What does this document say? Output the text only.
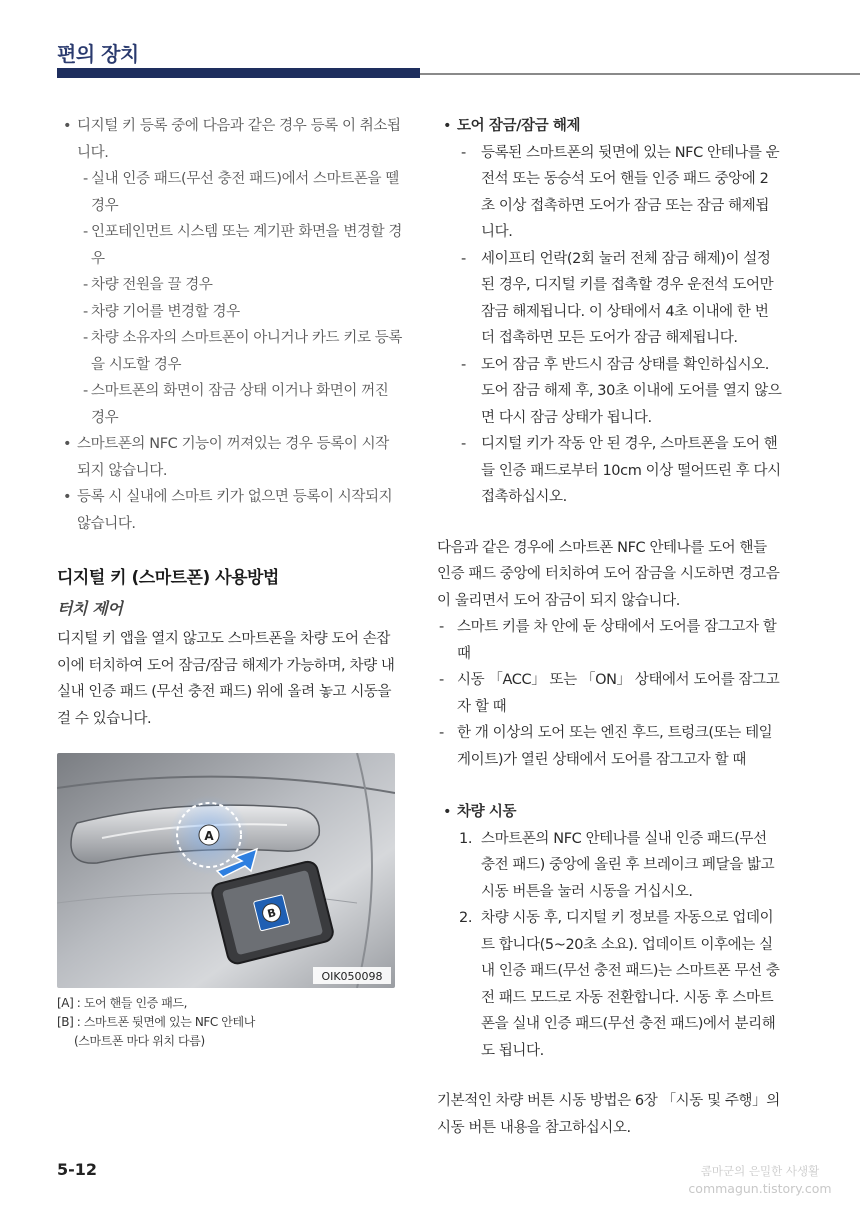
편의 장치
• 디지털 키 등록 중에 다음과 같은 경우 등록 이 취소됩니다.
- 실내 인증 패드(무선 충전 패드)에서 스마트폰을 뗄 경우
- 인포테인먼트 시스템 또는 계기판 화면을 변경할 경우
- 차량 전원을 끌 경우
- 차량 기어를 변경할 경우
- 차량 소유자의 스마트폰이 아니거나 카드 키로 등록을 시도할 경우
- 스마트폰의 화면이 잠금 상태 이거나 화면이 꺼진 경우
• 스마트폰의 NFC 기능이 꺼져있는 경우 등록이 시작되지 않습니다.
• 등록 시 실내에 스마트 키가 없으면 등록이 시작되지 않습니다.
디지털 키 (스마트폰) 사용방법
터치 제어
디지털 키 앱을 열지 않고도 스마트폰을 차량 도어 손잡이에 터치하여 도어 잠금/잠금 해제가 가능하며, 차량 내 실내 인증 패드 (무선 충전 패드) 위에 올려 놓고 시동을 걸 수 있습니다.
A
B
OIK050098
[A] : 도어 핸들 인증 패드,
[B] : 스마트폰 뒷면에 있는 NFC 안테나
(스마트폰 마다 위치 다름)
• 도어 잠금/잠금 해제
- 등록된 스마트폰의 뒷면에 있는 NFC 안테나를 운전석 또는 동승석 도어 핸들 인증 패드 중앙에 2초 이상 접촉하면 도어가 잠금 또는 잠금 해제됩니다.
- 세이프티 언락(2회 눌러 전체 잠금 해제)이 설정된 경우, 디지털 키를 접촉할 경우 운전석 도어만 잠금 해제됩니다. 이 상태에서 4초 이내에 한 번 더 접촉하면 모든 도어가 잠금 해제됩니다.
- 도어 잠금 후 반드시 잠금 상태를 확인하십시오. 도어 잠금 해제 후, 30초 이내에 도어를 열지 않으면 다시 잠금 상태가 됩니다.
- 디지털 키가 작동 안 된 경우, 스마트폰을 도어 핸들 인증 패드로부터 10cm 이상 떨어뜨린 후 다시 접촉하십시오.
다음과 같은 경우에 스마트폰 NFC 안테나를 도어 핸들 인증 패드 중앙에 터치하여 도어 잠금을 시도하면 경고음이 울리면서 도어 잠금이 되지 않습니다.
- 스마트 키를 차 안에 둔 상태에서 도어를 잠그고자 할 때
- 시동 「ACC」 또는 「ON」 상태에서 도어를 잠그고자 할 때
- 한 개 이상의 도어 또는 엔진 후드, 트렁크(또는 테일게이트)가 열린 상태에서 도어를 잠그고자 할 때
• 차량 시동
1. 스마트폰의 NFC 안테나를 실내 인증 패드(무선 충전 패드) 중앙에 올린 후 브레이크 페달을 밟고 시동 버튼을 눌러 시동을 거십시오.
2. 차량 시동 후, 디지털 키 정보를 자동으로 업데이트 합니다(5~20초 소요). 업데이트 이후에는 실내 인증 패드(무선 충전 패드)는 스마트폰 무선 충전 패드 모드로 자동 전환합니다. 시동 후 스마트폰을 실내 인증 패드(무선 충전 패드)에서 분리해도 됩니다.
기본적인 차량 버튼 시동 방법은 6장 「시동 및 주행」의 시동 버튼 내용을 참고하십시오.
5-12	콤마군의 은밀한 사생활
commagun.tistory.com
